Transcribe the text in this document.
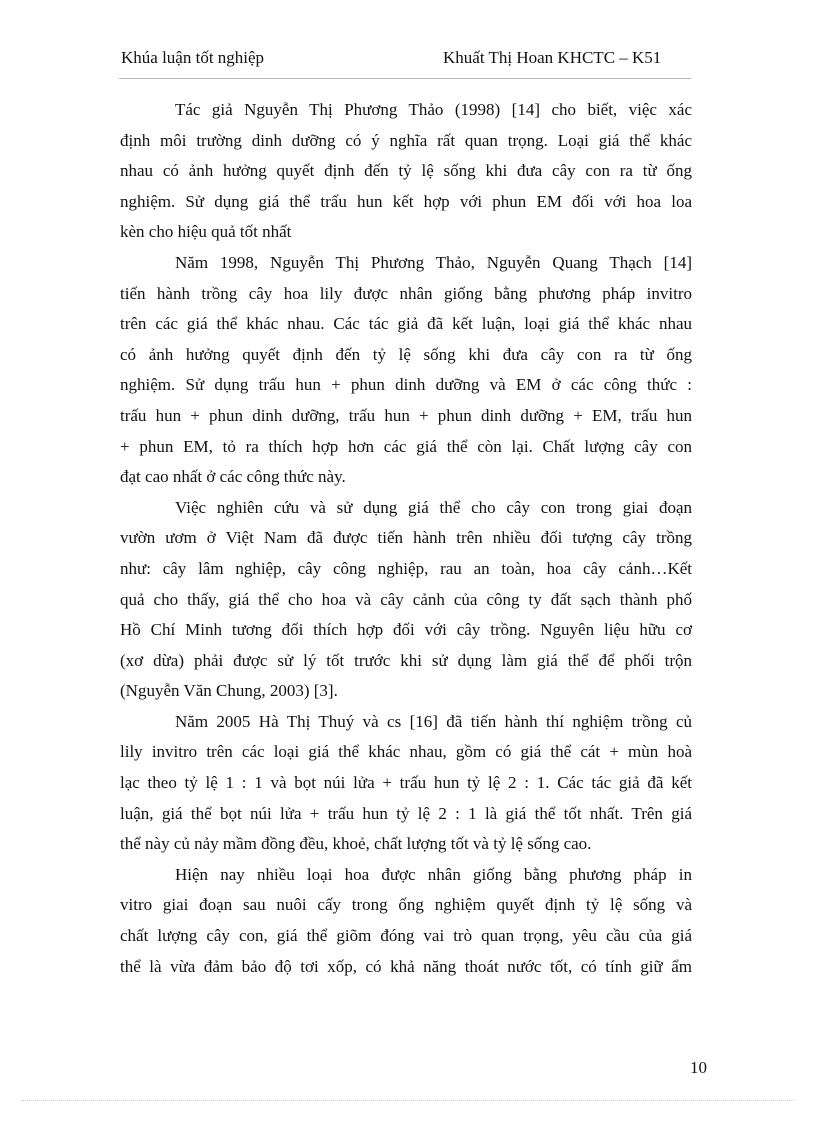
Khúa luận tốt nghiệp	Khuất Thị Hoan KHCTC – K51
Tác giả Nguyễn Thị Phương Thảo (1998) [14] cho biết, việc xác
định môi trường dinh dưỡng có ý nghĩa rất quan trọng. Loại giá thể khác
nhau có ảnh hưởng quyết định đến tỷ lệ sống khi đưa cây con ra từ ống
nghiệm. Sử dụng giá thể trấu hun kết hợp với phun EM đối với hoa loa
kèn cho hiệu quả tốt nhất
Năm 1998, Nguyễn Thị Phương Thảo, Nguyễn Quang Thạch [14]
tiến hành trồng cây hoa lily được nhân giống bằng phương pháp invitro
trên các giá thể khác nhau. Các tác giả đã kết luận, loại giá thể khác nhau
có ảnh hưởng quyết định đến tỷ lệ sống khi đưa cây con ra từ ống
nghiệm. Sử dụng trấu hun + phun dinh dưỡng và EM ở các công thức :
trấu hun + phun dinh dưỡng, trấu hun + phun dinh dưỡng + EM, trấu hun
+ phun EM, tỏ ra thích hợp hơn các giá thể còn lại. Chất lượng cây con
đạt cao nhất ở các công thức này.
Việc nghiên cứu và sử dụng giá thể cho cây con trong giai đoạn
vườn ươm ở Việt Nam đã được tiến hành trên nhiều đối tượng cây trồng
như: cây lâm nghiệp, cây công nghiệp, rau an toàn, hoa cây cảnh…Kết
quả cho thấy, giá thể cho hoa và cây cảnh của công ty đất sạch thành phố
Hồ Chí Minh tương đối thích hợp đối với cây trồng. Nguyên liệu hữu cơ
(xơ dừa) phải được sử lý tốt trước khi sử dụng làm giá thể để phối trộn
(Nguyễn Văn Chung, 2003) [3].
Năm 2005 Hà Thị Thuý và cs [16] đã tiến hành thí nghiệm trồng củ
lily invitro trên các loại giá thể khác nhau, gồm có giá thể cát + mùn hoà
lạc theo tỷ lệ 1 : 1 và bọt núi lửa + trấu hun tỷ lệ 2 : 1. Các tác giả đã kết
luận, giá thể bọt núi lửa + trấu hun tỷ lệ 2 : 1 là giá thể tốt nhất. Trên giá
thể này củ nảy mầm đồng đều, khoẻ, chất lượng tốt và tỷ lệ sống cao.
Hiện nay nhiều loại hoa được nhân giống bằng phương pháp in
vitro giai đoạn sau nuôi cấy trong ống nghiệm quyết định tỷ lệ sống và
chất lượng cây con, giá thể giõm đóng vai trò quan trọng, yêu cầu của giá
thể là vừa đảm bảo độ tơi xốp, có khả năng thoát nước tốt, có tính giữ ẩm
10
